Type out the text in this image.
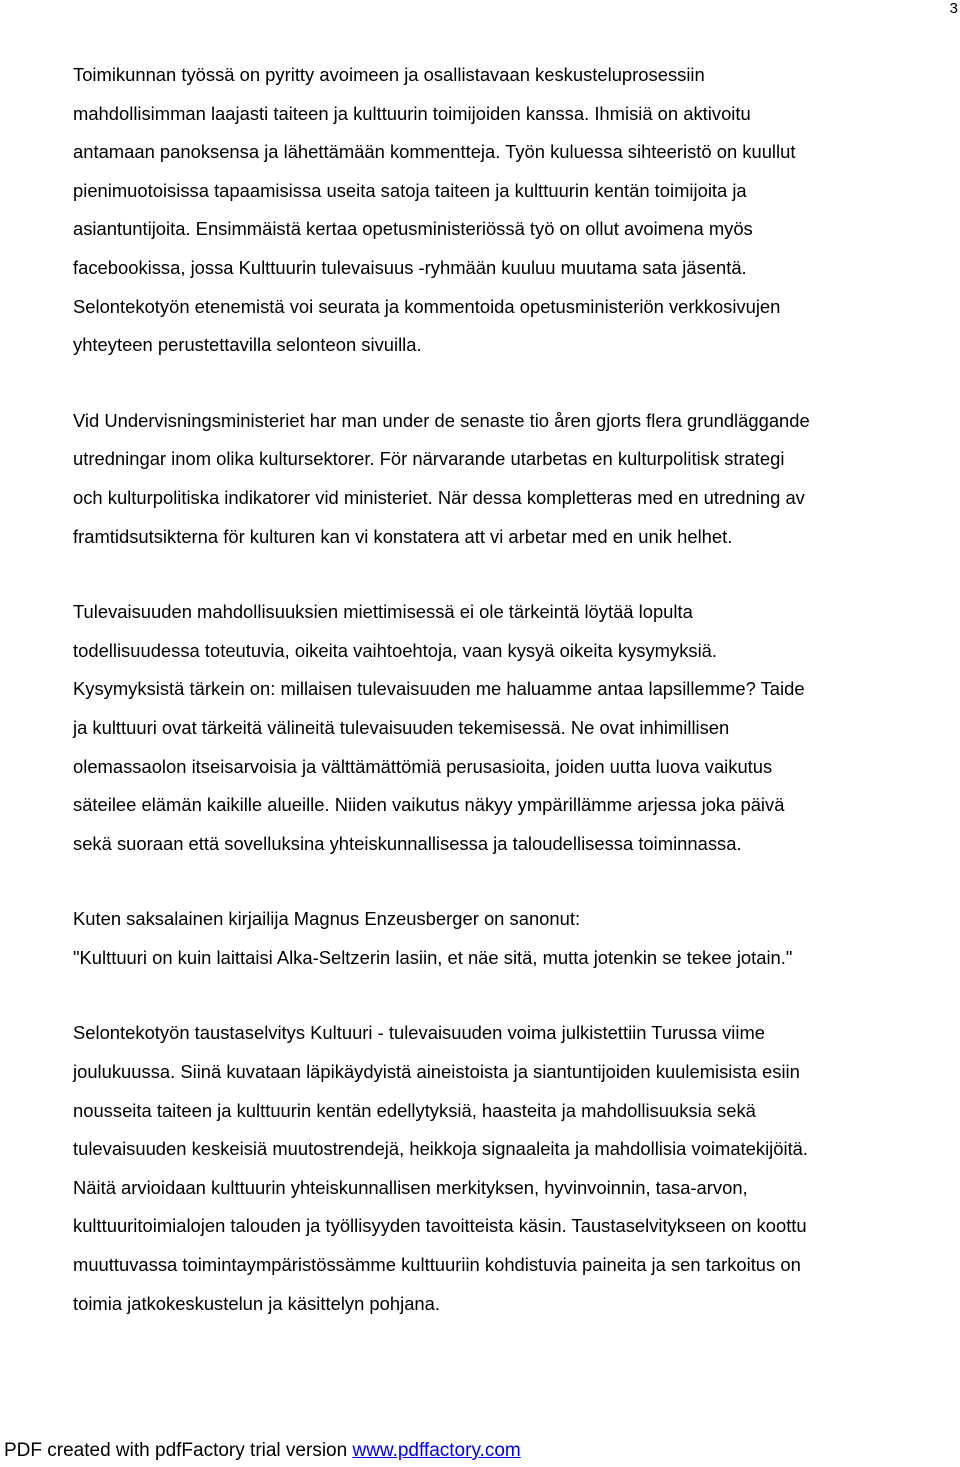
3

Toimikunnan työssä on pyritty avoimeen ja osallistavaan keskusteluprosessiin
mahdollisimman laajasti taiteen ja kulttuurin toimijoiden kanssa. Ihmisiä on aktivoitu
antamaan panoksensa ja lähettämään kommentteja. Työn kuluessa sihteeristö on kuullut
pienimuotoisissa tapaamisissa useita satoja taiteen ja kulttuurin kentän toimijoita ja
asiantuntijoita. Ensimmäistä kertaa opetusministeriössä työ on ollut avoimena myös
facebookissa, jossa Kulttuurin tulevaisuus -ryhmään kuuluu muutama sata jäsentä.
Selontekotyön etenemistä voi seurata ja kommentoida opetusministeriön verkkosivujen
yhteyteen perustettavilla selonteon sivuilla.

Vid Undervisningsministeriet har man under de senaste tio åren gjorts flera grundläggande
utredningar inom olika kultursektorer. För närvarande utarbetas en kulturpolitisk strategi
och kulturpolitiska indikatorer vid ministeriet. När dessa kompletteras med en utredning av
framtidsutsikterna för kulturen kan vi konstatera att vi arbetar med en unik helhet.

Tulevaisuuden mahdollisuuksien miettimisessä ei ole tärkeintä löytää lopulta
todellisuudessa toteutuvia, oikeita vaihtoehtoja, vaan kysyä oikeita kysymyksiä.
Kysymyksistä tärkein on: millaisen tulevaisuuden me haluamme antaa lapsillemme? Taide
ja kulttuuri ovat tärkeitä välineitä tulevaisuuden tekemisessä. Ne ovat inhimillisen
olemassaolon itseisarvoisia ja välttämättömiä perusasioita, joiden uutta luova vaikutus
säteilee elämän kaikille alueille. Niiden vaikutus näkyy ympärillämme arjessa joka päivä
sekä suoraan että sovelluksina yhteiskunnallisessa ja taloudellisessa toiminnassa.

Kuten saksalainen kirjailija Magnus Enzeusberger on sanonut:
"Kulttuuri on kuin laittaisi Alka-Seltzerin lasiin, et näe sitä, mutta jotenkin se tekee jotain."

Selontekotyön taustaselvitys Kultuuri - tulevaisuuden voima julkistettiin Turussa viime
joulukuussa. Siinä kuvataan läpikäydyistä aineistoista ja siantuntijoiden kuulemisista esiin
nousseita taiteen ja kulttuurin kentän edellytyksiä, haasteita ja mahdollisuuksia sekä
tulevaisuuden keskeisiä muutostrendejä, heikkoja signaaleita ja mahdollisia voimatekijöitä.
Näitä arvioidaan kulttuurin yhteiskunnallisen merkityksen, hyvinvoinnin, tasa-arvon,
kulttuuritoimialojen talouden ja työllisyyden tavoitteista käsin. Taustaselvitykseen on koottu
muuttuvassa toimintaympäristössämme kulttuuriin kohdistuvia paineita ja sen tarkoitus on
toimia jatkokeskustelun ja käsittelyn pohjana.

PDF created with pdfFactory trial version www.pdffactory.com
